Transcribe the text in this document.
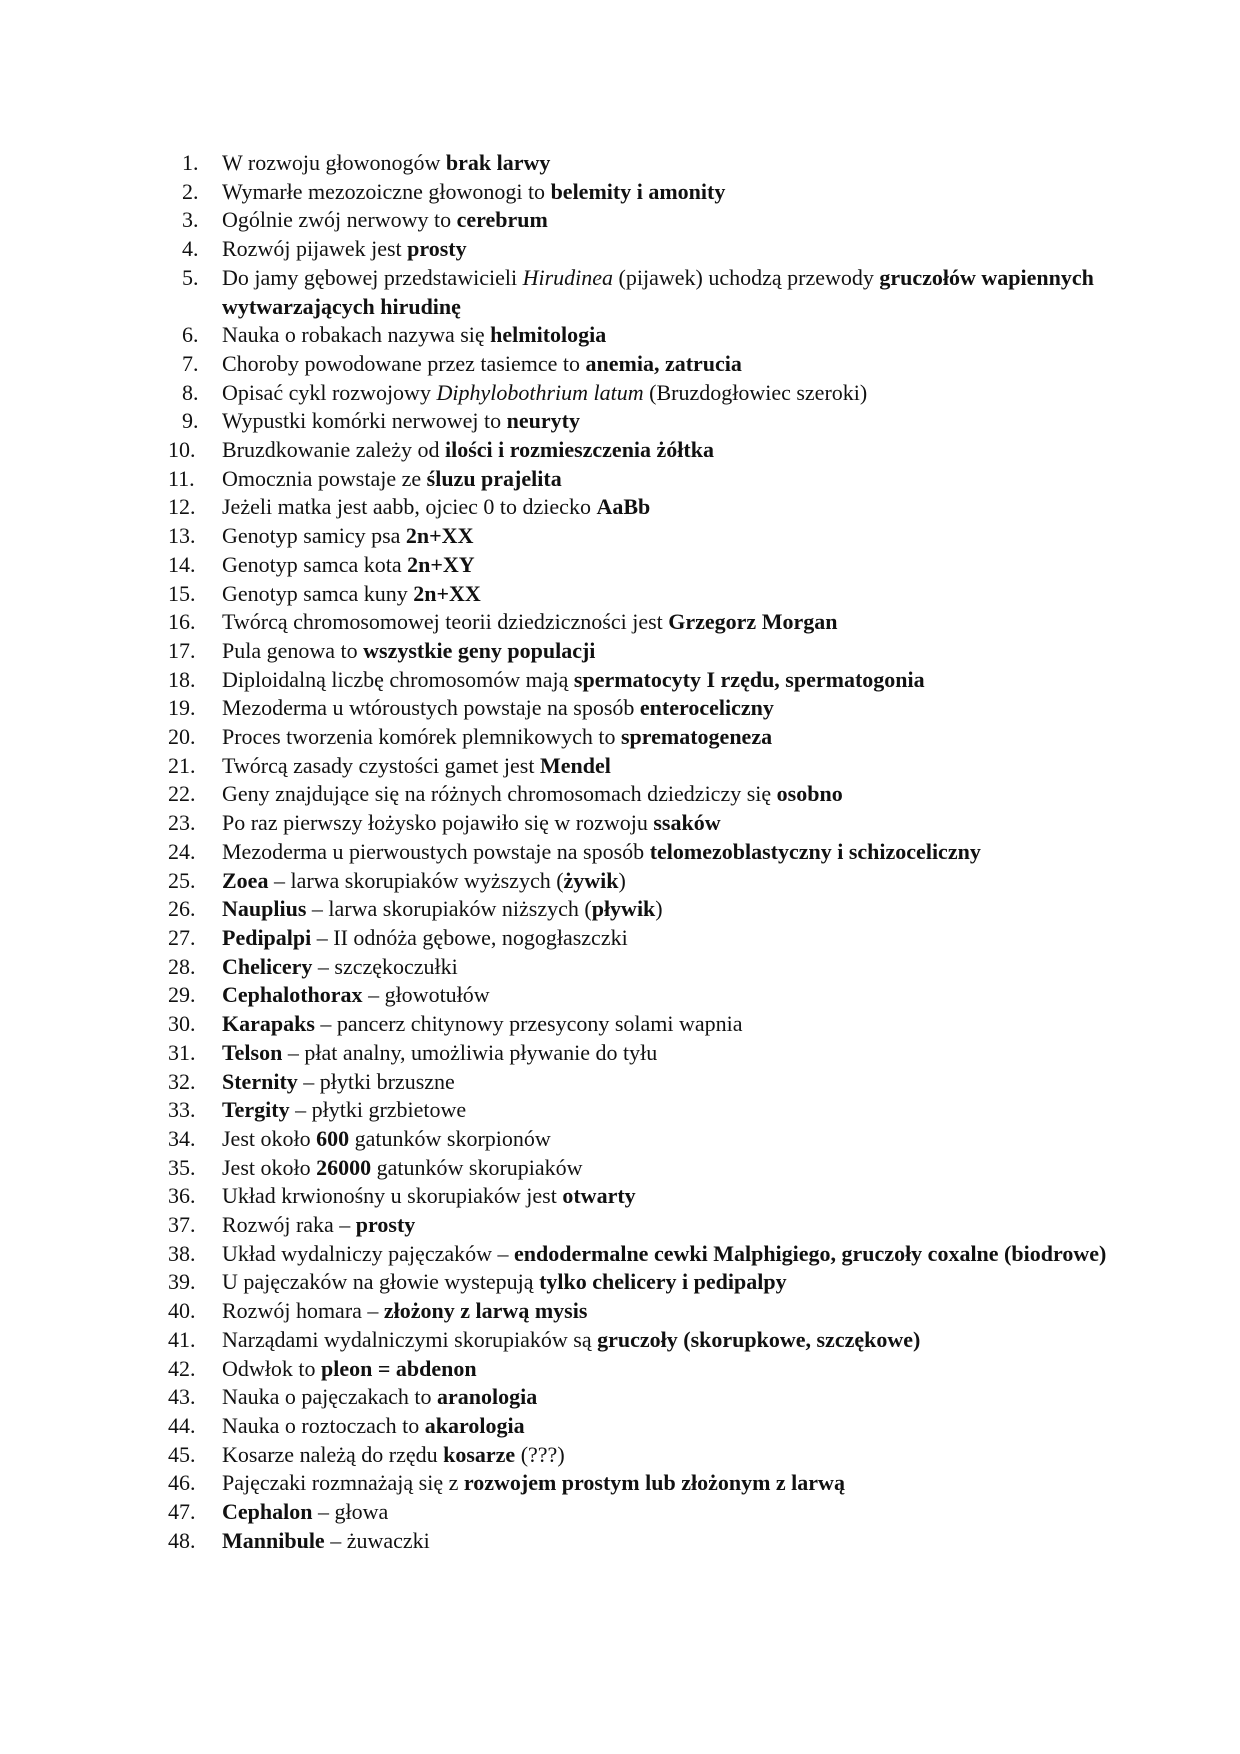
1.	W rozwoju głowonogów brak larwy
2.	Wymarłe mezozoiczne głowonogi to belemity i amonity
3.	Ogólnie zwój nerwowy to cerebrum
4.	Rozwój pijawek jest prosty
5.	Do jamy gębowej przedstawicieli Hirudinea (pijawek) uchodzą przewody gruczołów wapiennych wytwarzających hirudinę
6.	Nauka o robakach nazywa się helmitologia
7.	Choroby powodowane przez tasiemce to anemia, zatrucia
8.	Opisać cykl rozwojowy Diphylobothrium latum (Bruzdogłowiec szeroki)
9.	Wypustki komórki nerwowej to neuryty
10.	Bruzdkowanie zależy od ilości i rozmieszczenia żółtka
11.	Omocznia powstaje ze śluzu prajelita
12.	Jeżeli matka jest aabb, ojciec 0 to dziecko AaBb
13.	Genotyp samicy psa 2n+XX
14.	Genotyp samca kota 2n+XY
15.	Genotyp samca kuny 2n+XX
16.	Twórcą chromosomowej teorii dziedziczności jest Grzegorz Morgan
17.	Pula genowa to wszystkie geny populacji
18.	Diploidalną liczbę chromosomów mają spermatocyty I rzędu, spermatogonia
19.	Mezoderma u wtóroustych powstaje na sposób enteroceliczny
20.	Proces tworzenia komórek plemnikowych to sprematogeneza
21.	Twórcą zasady czystości gamet jest Mendel
22.	Geny znajdujące się na różnych chromosomach dziedziczy się osobno
23.	Po raz pierwszy łożysko pojawiło się w rozwoju ssaków
24.	Mezoderma u pierwoustych powstaje na sposób telomezoblastyczny i schizoceliczny
25.	Zoea – larwa skorupiaków wyższych (żywik)
26.	Nauplius – larwa skorupiaków niższych (pływik)
27.	Pedipalpi – II odnóża gębowe, nogogłaszczki
28.	Chelicery – szczękoczułki
29.	Cephalothorax – głowotułów
30.	Karapaks – pancerz chitynowy przesycony solami wapnia
31.	Telson – płat analny, umożliwia pływanie do tyłu
32.	Sternity – płytki brzuszne
33.	Tergity – płytki grzbietowe
34.	Jest około 600 gatunków skorpionów
35.	Jest około 26000 gatunków skorupiaków
36.	Układ krwionośny u skorupiaków jest otwarty
37.	Rozwój raka – prosty
38.	Układ wydalniczy pajęczaków – endodermalne cewki Malphigiego, gruczoły coxalne (biodrowe)
39.	U pajęczaków na głowie wystepują tylko chelicery i pedipalpy
40.	Rozwój homara – złożony z larwą mysis
41.	Narządami wydalniczymi skorupiaków są gruczoły (skorupkowe, szczękowe)
42.	Odwłok to pleon = abdenon
43.	Nauka o pajęczakach to aranologia
44.	Nauka o roztoczach to akarologia
45.	Kosarze należą do rzędu kosarze (???)
46.	Pajęczaki rozmnażają się z rozwojem prostym lub złożonym z larwą
47.	Cephalon – głowa
48.	Mannibule – żuwaczki
